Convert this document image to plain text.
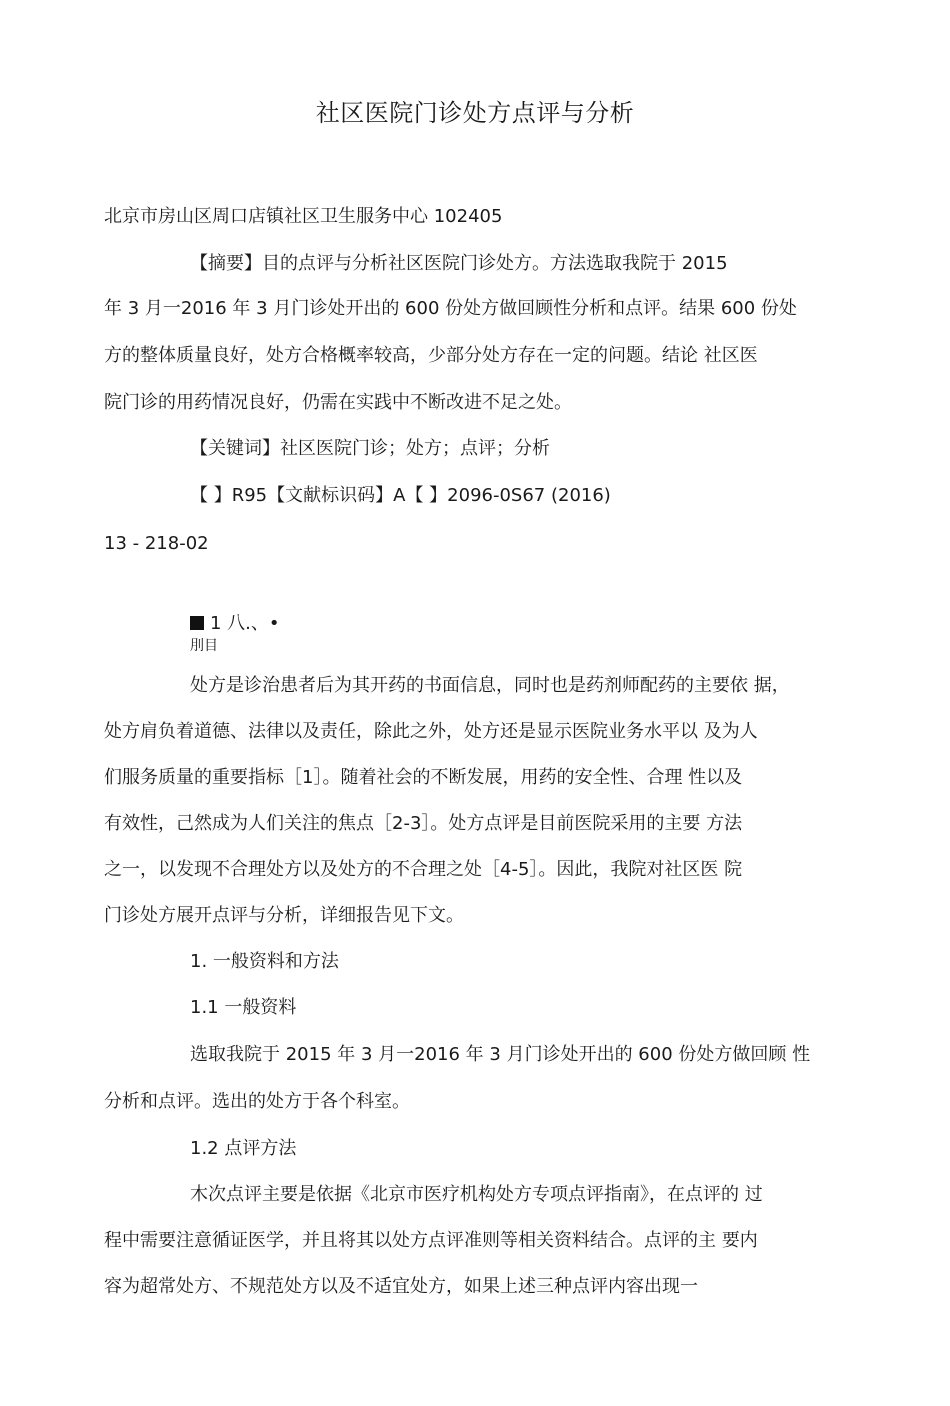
社区医院门诊处方点评与分析
北京市房山区周口店镇社区卫生服务中心 102405
【摘要】目的点评与分析社区医院门诊处方。方法选取我院于 2015
年 3 月一2016 年 3 月门诊处开出的 600 份处方做回顾性分析和点评。结果 600 份处
方的整体质量良好，处方合格概率较高，少部分处方存在一定的问题。结论 社区医
院门诊的用药情况良好，仍需在实践中不断改进不足之处。
【关键词】社区医院门诊；处方；点评；分析
【 】R95【文献标识码】A【 】2096-0S67 (2016)
13 - 218-02
1 八.、•
刖目
处方是诊治患者后为其开药的书面信息，同时也是药剂师配药的主要依 据，
处方肩负着道德、法律以及责任，除此之外，处方还是显示医院业务水平以 及为人
们服务质量的重要指标［1］。随着社会的不断发展，用药的安全性、合理 性以及
有效性，己然成为人们关注的焦点［2-3］。处方点评是目前医院采用的主要 方法
之一，以发现不合理处方以及处方的不合理之处［4-5］。因此，我院对社区医 院
门诊处方展开点评与分析，详细报告见下文。
1. 一般资料和方法
1.1 一般资料
选取我院于 2015 年 3 月一2016 年 3 月门诊处开出的 600 份处方做回顾 性
分析和点评。选出的处方于各个科室。
1.2 点评方法
木次点评主要是依据《北京市医疗机构处方专项点评指南》，在点评的 过
程中需要注意循证医学，并且将其以处方点评准则等相关资料结合。点评的主 要内
容为超常处方、不规范处方以及不适宜处方，如果上述三种点评内容出现一
